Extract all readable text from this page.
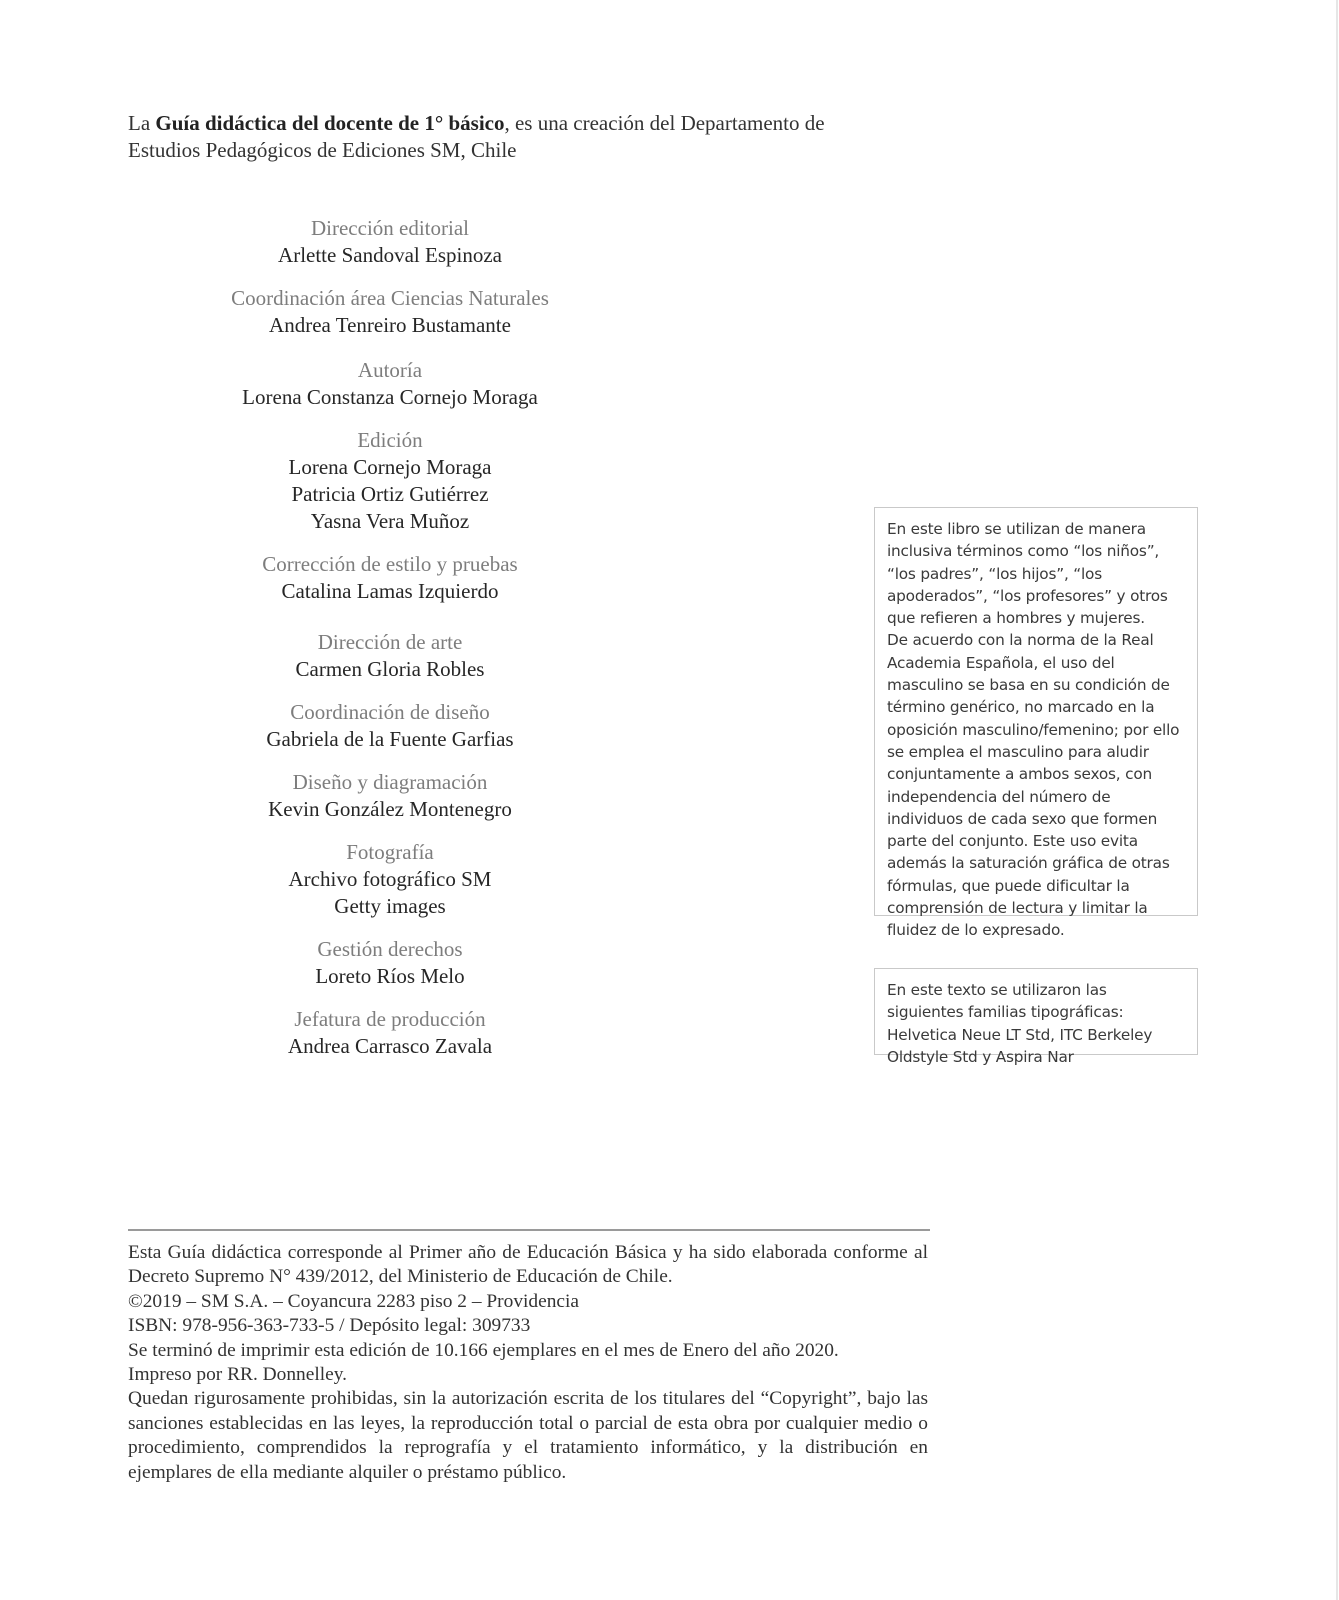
La Guía didáctica del docente de 1° básico, es una creación del Departamento de Estudios Pedagógicos de Ediciones SM, Chile
Dirección editorial
Arlette Sandoval Espinoza
Coordinación área Ciencias Naturales
Andrea Tenreiro Bustamante
Autoría
Lorena Constanza Cornejo Moraga
Edición
Lorena Cornejo Moraga
Patricia Ortiz Gutiérrez
Yasna Vera Muñoz
Corrección de estilo y pruebas
Catalina Lamas Izquierdo
Dirección de arte
Carmen Gloria Robles
Coordinación de diseño
Gabriela de la Fuente Garfias
Diseño y diagramación
Kevin González Montenegro
Fotografía
Archivo fotográfico SM
Getty images
Gestión derechos
Loreto Ríos Melo
Jefatura de producción
Andrea Carrasco Zavala
En este libro se utilizan de manera inclusiva términos como “los niños”, “los padres”, “los hijos”, “los apoderados”, “los profesores” y otros que refieren a hombres y mujeres.
De acuerdo con la norma de la Real Academia Española, el uso del masculino se basa en su condición de término genérico, no marcado en la oposición masculino/femenino; por ello se emplea el masculino para aludir conjuntamente a ambos sexos, con independencia del número de individuos de cada sexo que formen parte del conjunto. Este uso evita además la saturación gráfica de otras fórmulas, que puede dificultar la comprensión de lectura y limitar la fluidez de lo expresado.
En este texto se utilizaron las siguientes familias tipográficas: Helvetica Neue LT Std, ITC Berkeley Oldstyle Std y Aspira Nar

Esta Guía didáctica corresponde al Primer año de Educación Básica y ha sido elaborada conforme al Decreto Supremo N° 439/2012, del Ministerio de Educación de Chile.

©2019 – SM S.A. – Coyancura 2283 piso 2 – Providencia

ISBN: 978-956-363-733-5 / Depósito legal: 309733

Se terminó de imprimir esta edición de 10.166 ejemplares en el mes de Enero del año 2020.

Impreso por RR. Donnelley.

Quedan rigurosamente prohibidas, sin la autorización escrita de los titulares del “Copyright”, bajo las sanciones establecidas en las leyes, la reproducción total o parcial de esta obra por cualquier medio o procedimiento, comprendidos la reprografía y el tratamiento informático, y la distribución en ejemplares de ella mediante alquiler o préstamo público.
